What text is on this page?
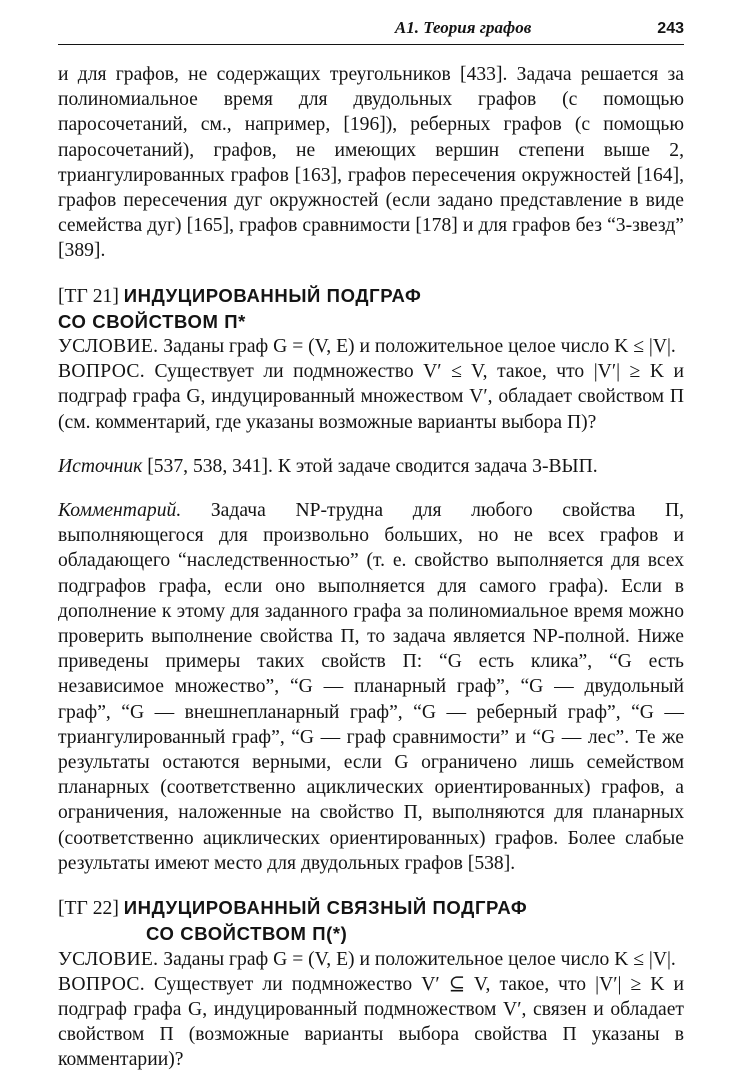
A1. Теория графов	243

и для графов, не содержащих треугольников [433]. Задача решается за полиномиальное время для двудольных графов (с помощью паросочетаний, см., например, [196]), реберных графов (с помощью паросочетаний), графов, не имеющих вершин степени выше 2, триангулированных графов [163], графов пересечения окружностей [164], графов пересечения дуг окружностей (если задано представление в виде семейства дуг) [165], графов сравнимости [178] и для графов без “3-звезд” [389].

[ТГ 21] ИНДУЦИРОВАННЫЙ ПОДГРАФ
СО СВОЙСТВОМ П*

УСЛОВИЕ. Заданы граф G = (V, E) и положительное целое число K ≤ |V|.

ВОПРОС. Существует ли подмножество V′ ≤ V, такое, что |V′| ≥ K и подграф графа G, индуцированный множеством V′, обладает свойством П (см. комментарий, где указаны возможные варианты выбора П)?

Источник [537, 538, 341]. К этой задаче сводится задача 3-ВЫП.

Комментарий. Задача NP-трудна для любого свойства П, выполняющегося для произвольно больших, но не всех графов и обладающего “наследственностью” (т. е. свойство выполняется для всех подграфов графа, если оно выполняется для самого графа). Если в дополнение к этому для заданного графа за полиномиальное время можно проверить выполнение свойства П, то задача является NP-полной. Ниже приведены примеры таких свойств П: “G есть клика”, “G есть независимое множество”, “G — планарный граф”, “G — двудольный граф”, “G — внешнепланарный граф”, “G — реберный граф”, “G — триангулированный граф”, “G — граф сравнимости” и “G — лес”. Те же результаты остаются верными, если G ограничено лишь семейством планарных (соответственно ациклических ориентированных) графов, а ограничения, наложенные на свойство П, выполняются для планарных (соответственно ациклических ориентированных) графов. Более слабые результаты имеют место для двудольных графов [538].

[ТГ 22] ИНДУЦИРОВАННЫЙ СВЯЗНЫЙ ПОДГРАФ
СО СВОЙСТВОМ П(*)

УСЛОВИЕ. Заданы граф G = (V, E) и положительное целое число K ≤ |V|.

ВОПРОС. Существует ли подмножество V′ ⊆ V, такое, что |V′| ≥ K и подграф графа G, индуцированный подмножеством V′, связен и обладает свойством П (возможные варианты выбора свойства П указаны в комментарии)?
